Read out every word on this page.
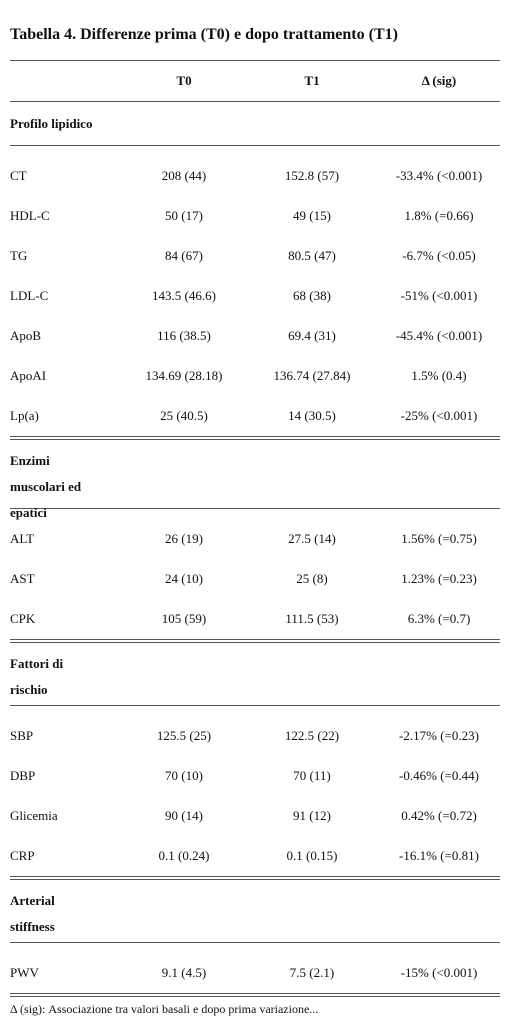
Tabella 4. Differenze prima (T0) e dopo trattamento (T1)
T0	T1	Δ (sig)
Profilo lipidico
CT	208 (44)	152.8 (57)	-33.4% (<0.001)
HDL-C	50 (17)	49 (15)	1.8% (=0.66)
TG	84 (67)	80.5 (47)	-6.7% (<0.05)
LDL-C	143.5 (46.6)	68 (38)	-51% (<0.001)
ApoB	116 (38.5)	69.4 (31)	-45.4% (<0.001)
ApoAI	134.69 (28.18)	136.74 (27.84)	1.5% (0.4)
Lp(a)	25 (40.5)	14 (30.5)	-25% (<0.001)
Enzimi
muscolari ed
epatici
ALT	26 (19)	27.5 (14)	1.56% (=0.75)
AST	24 (10)	25 (8)	1.23% (=0.23)
CPK	105 (59)	111.5 (53)	6.3% (=0.7)
Fattori di
rischio
SBP	125.5 (25)	122.5 (22)	-2.17% (=0.23)
DBP	70 (10)	70 (11)	-0.46% (=0.44)
Glicemia	90 (14)	91 (12)	0.42% (=0.72)
CRP	0.1 (0.24)	0.1 (0.15)	-16.1% (=0.81)
Arterial
stiffness
PWV	9.1 (4.5)	7.5 (2.1)	-15% (<0.001)
Δ (sig): Associazione tra valori basali e dopo prima variazione...
